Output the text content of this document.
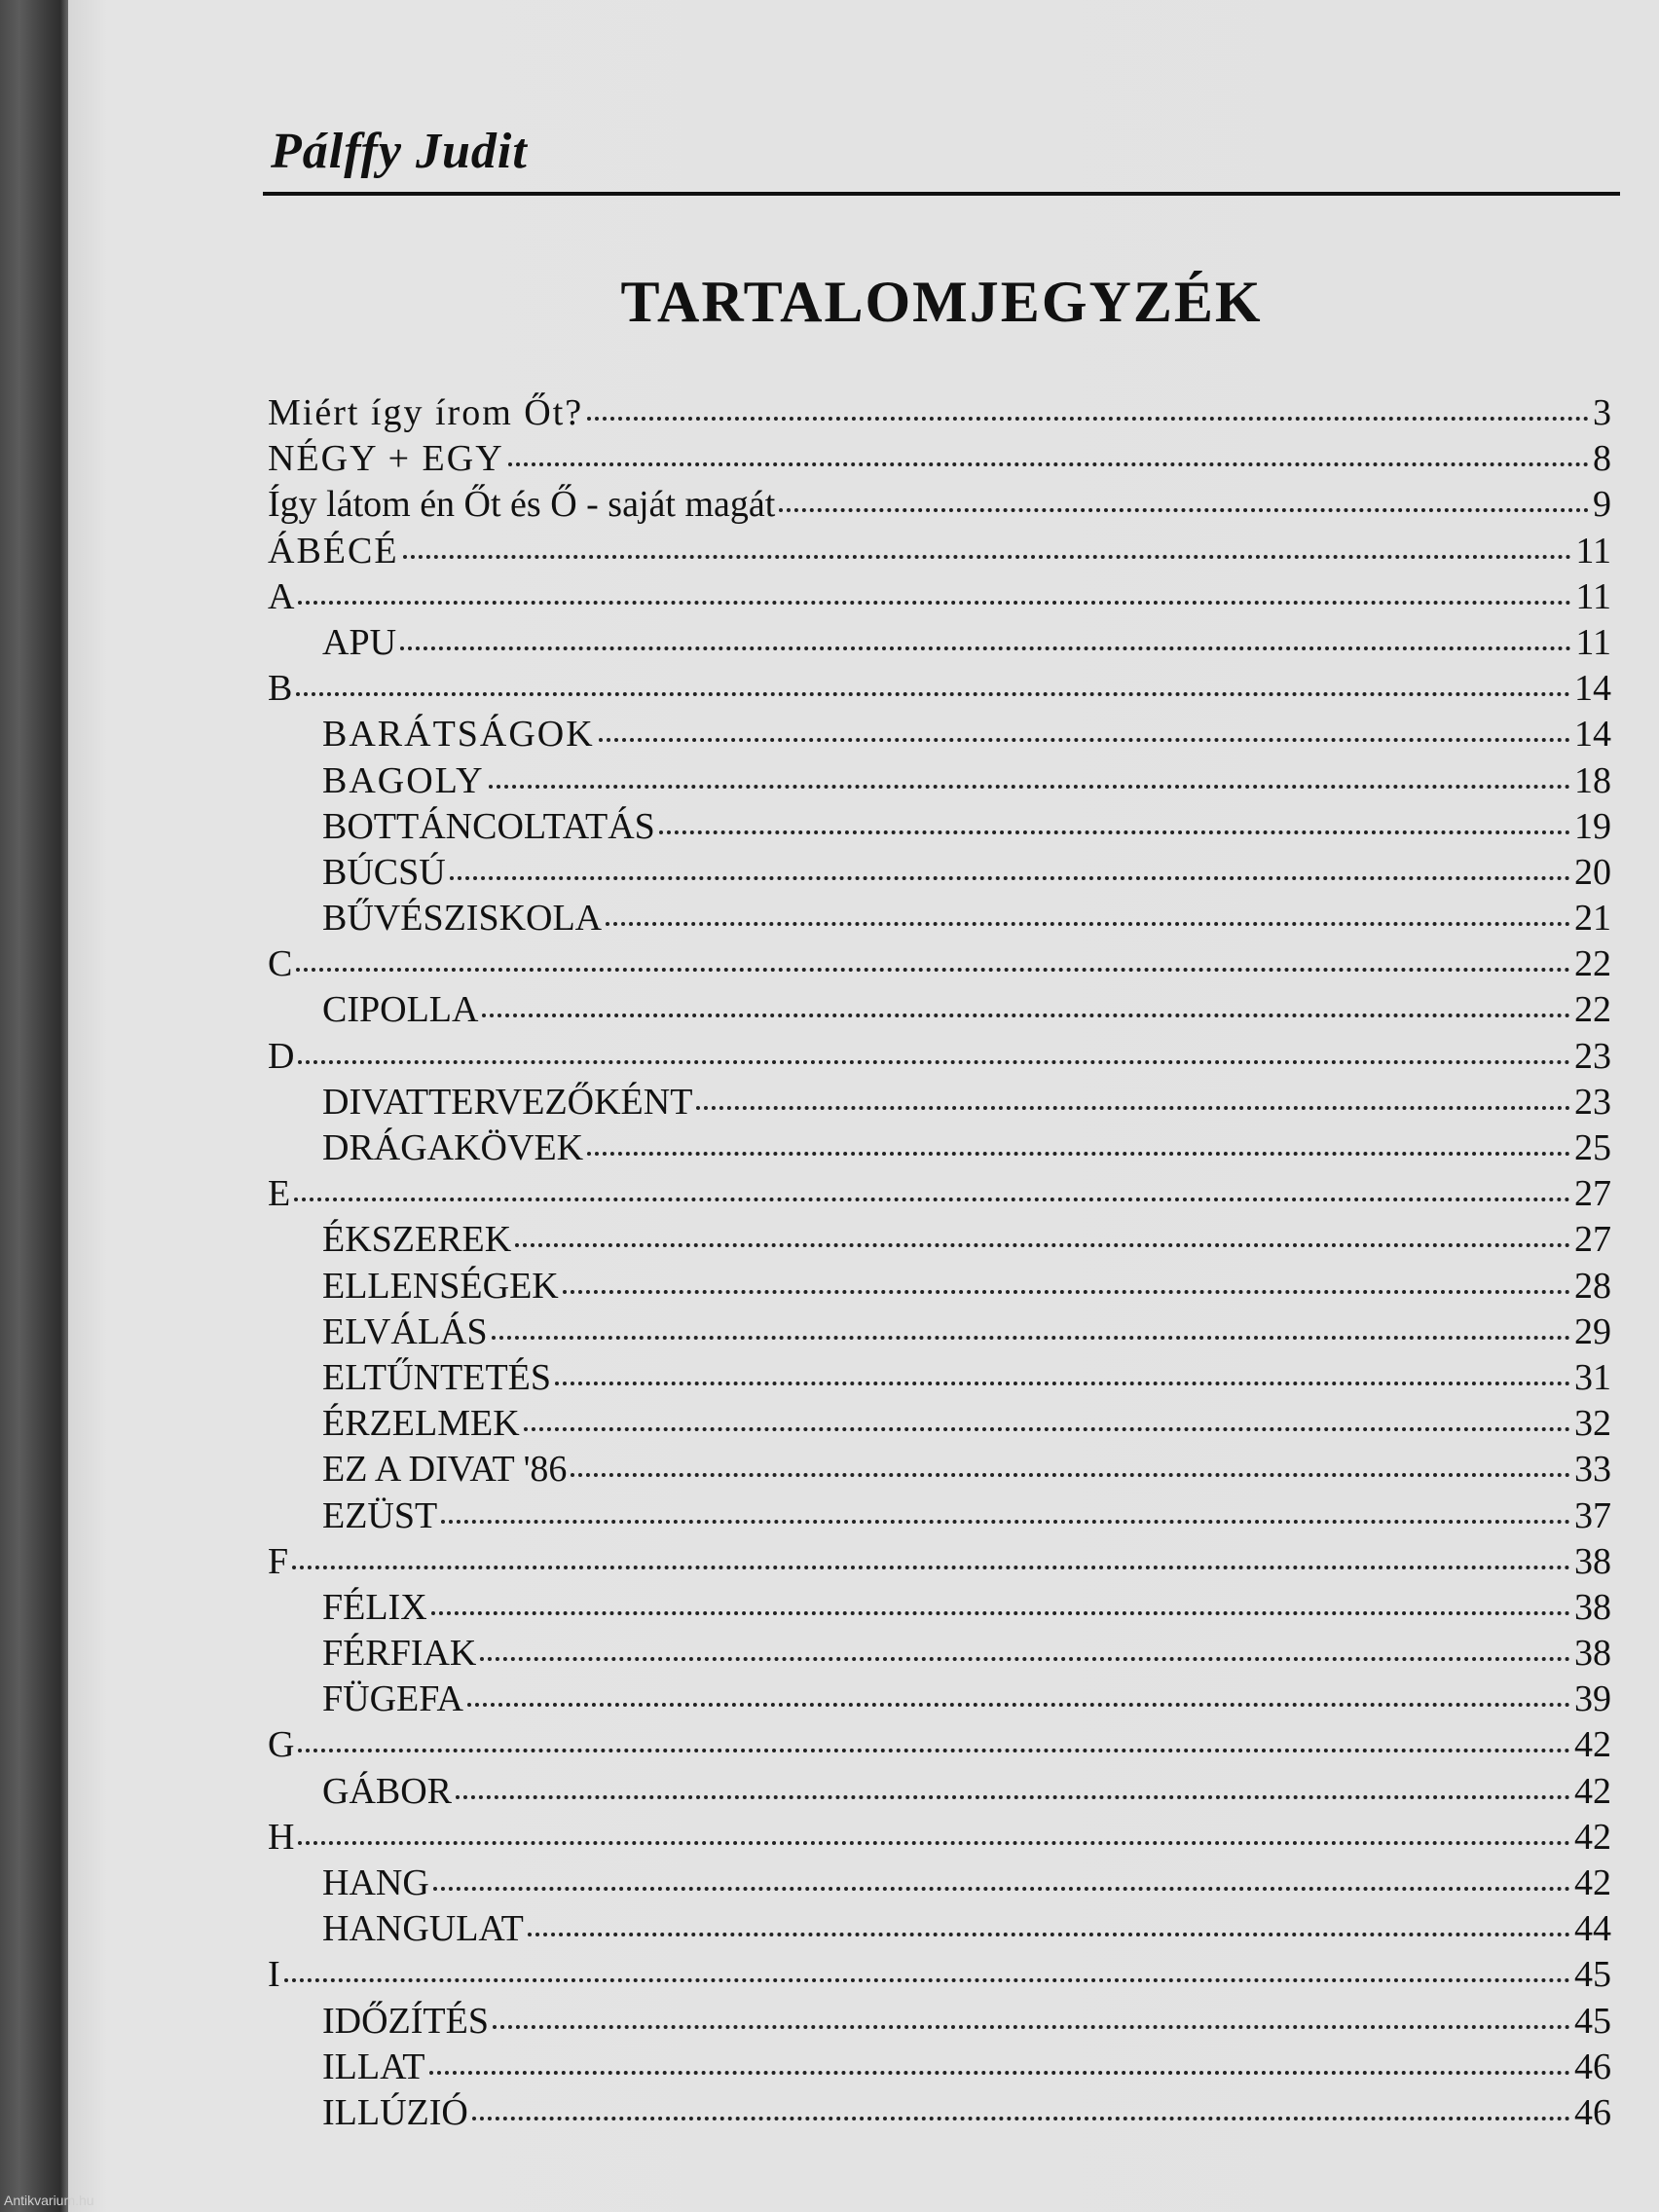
Pálffy Judit
TARTALOMJEGYZÉK
Miért így írom Őt?	3
NÉGY + EGY	8
Így látom én Őt és Ő - saját magát	9
ÁBÉCÉ	11
A	11
APU	11
B	14
BARÁTSÁGOK	14
BAGOLY	18
BOTTÁNCOLTATÁS	19
BÚCSÚ	20
BŰVÉSZISKOLA	21
C	22
CIPOLLA	22
D	23
DIVATTERVEZŐKÉNT	23
DRÁGAKÖVEK	25
E	27
ÉKSZEREK	27
ELLENSÉGEK	28
ELVÁLÁS	29
ELTŰNTETÉS	31
ÉRZELMEK	32
EZ A DIVAT '86	33
EZÜST	37
F	38
FÉLIX	38
FÉRFIAK	38
FÜGEFA	39
G	42
GÁBOR	42
H	42
HANG	42
HANGULAT	44
I	45
IDŐZÍTÉS	45
ILLAT	46
ILLÚZIÓ	46
Antikvarium.hu
